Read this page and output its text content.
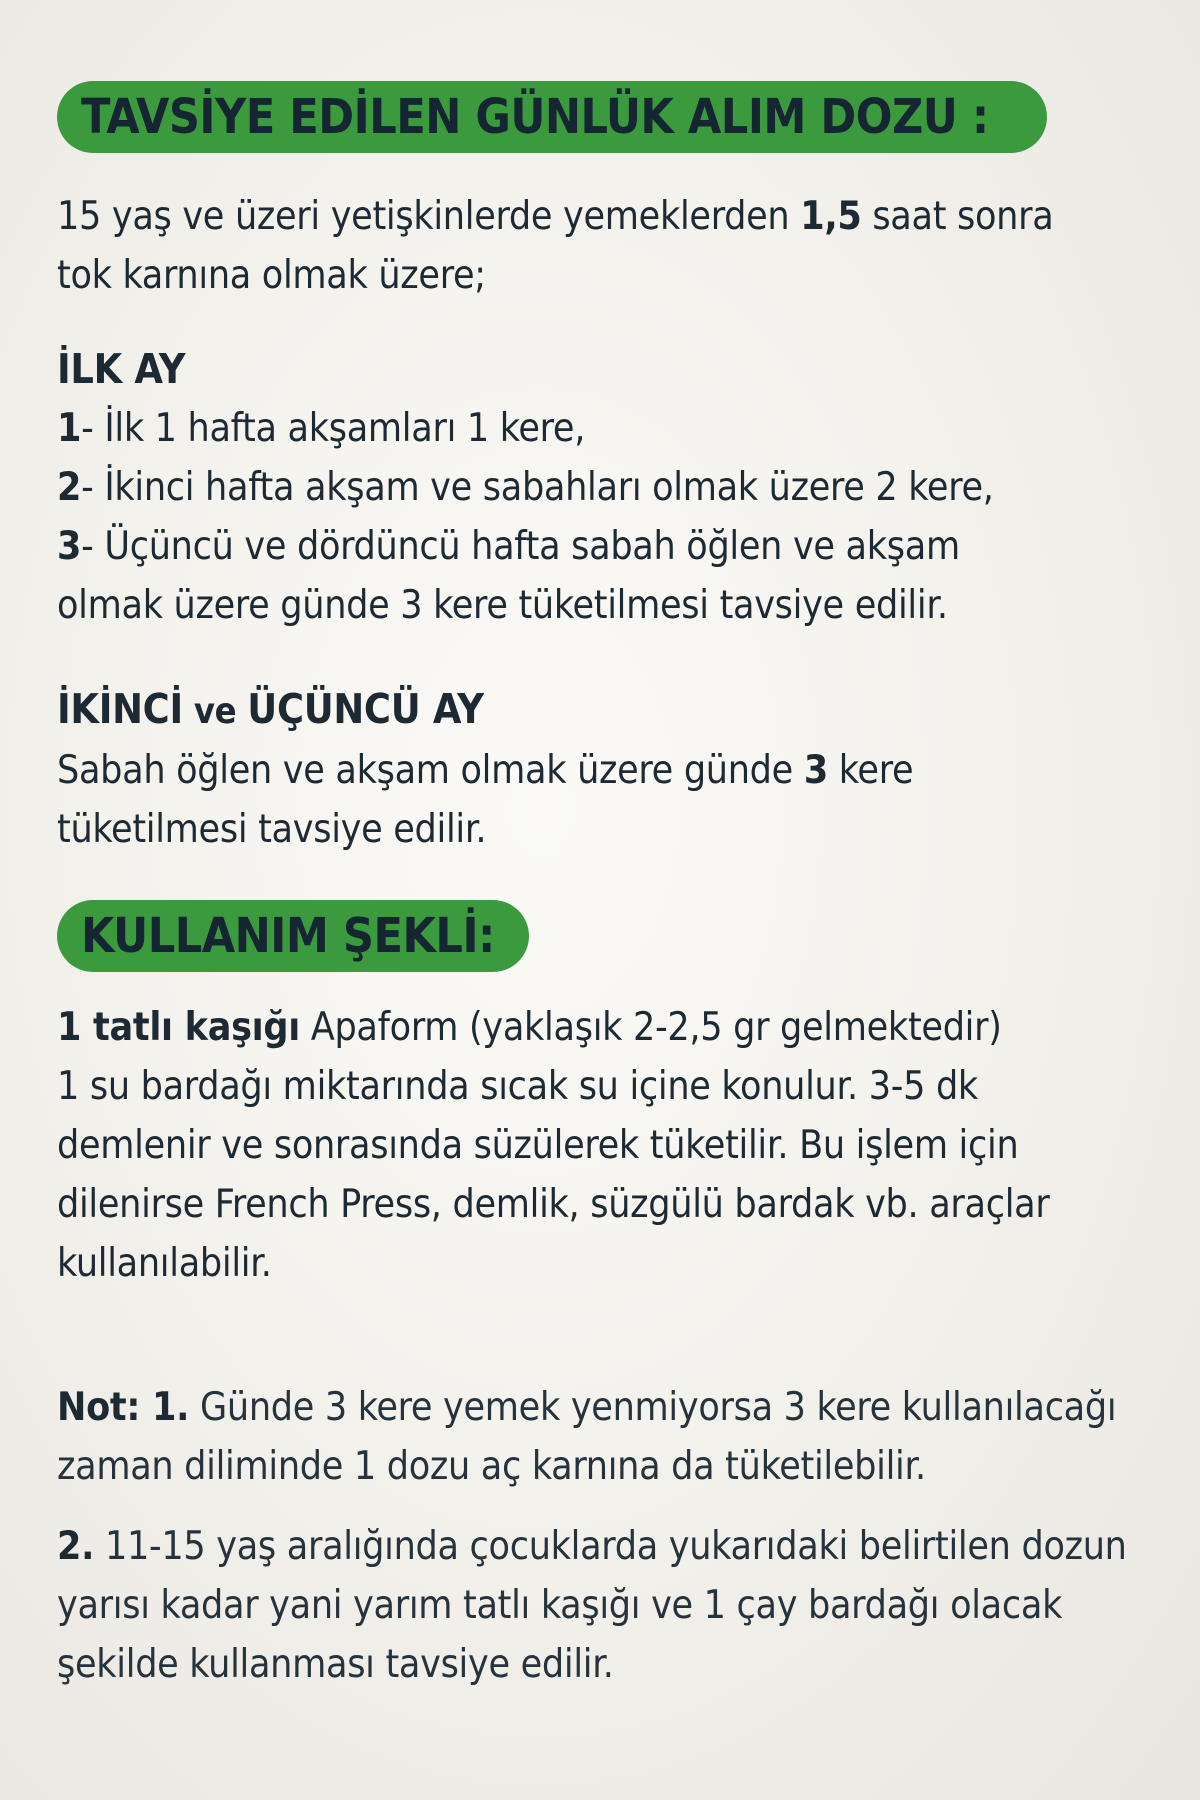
TAVSİYE EDİLEN GÜNLÜK ALIM DOZU :

15 yaş ve üzeri yetişkinlerde yemeklerden 1,5 saat sonra

tok karnına olmak üzere;

İLK AY

1- İlk 1 hafta akşamları 1 kere,

2- İkinci hafta akşam ve sabahları olmak üzere 2 kere,

3- Üçüncü ve dördüncü hafta sabah öğlen ve akşam

olmak üzere günde 3 kere tüketilmesi tavsiye edilir.

İKİNCİ ve ÜÇÜNCÜ AY

Sabah öğlen ve akşam olmak üzere günde 3 kere

tüketilmesi tavsiye edilir.

KULLANIM ŞEKLİ:

1 tatlı kaşığı Apaform (yaklaşık 2-2,5 gr gelmektedir)

1 su bardağı miktarında sıcak su içine konulur. 3-5 dk

demlenir ve sonrasında süzülerek tüketilir. Bu işlem için

dilenirse French Press, demlik, süzgülü bardak vb. araçlar

kullanılabilir.

Not: 1. Günde 3 kere yemek yenmiyorsa 3 kere kullanılacağı

zaman diliminde 1 dozu aç karnına da tüketilebilir.

2. 11-15 yaş aralığında çocuklarda yukarıdaki belirtilen dozun

yarısı kadar yani yarım tatlı kaşığı ve 1 çay bardağı olacak

şekilde kullanması tavsiye edilir.
